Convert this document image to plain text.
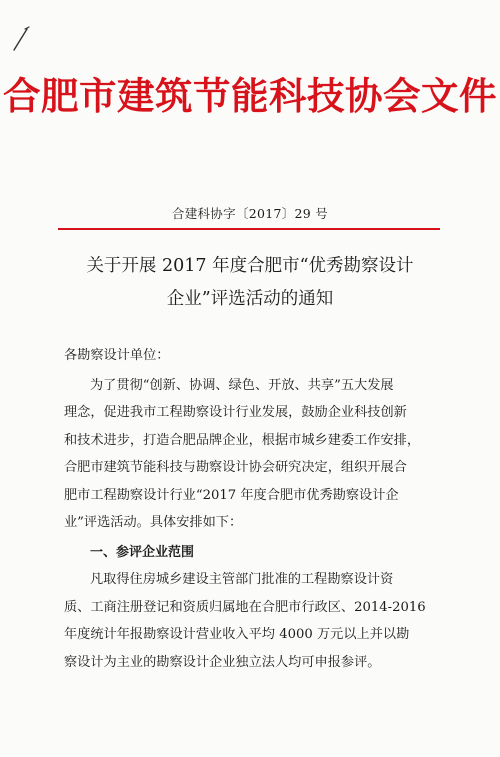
合肥市建筑节能科技协会文件
合建科协字〔2017〕29 号
关于开展 2017 年度合肥市“优秀勘察设计
企业”评选活动的通知
各勘察设计单位：
为了贯彻“创新、协调、绿色、开放、共享”五大发展
理念，促进我市工程勘察设计行业发展，鼓励企业科技创新
和技术进步，打造合肥品牌企业，根据市城乡建委工作安排，
合肥市建筑节能科技与勘察设计协会研究决定，组织开展合
肥市工程勘察设计行业“2017 年度合肥市优秀勘察设计企
业”评选活动。具体安排如下：
一、参评企业范围
凡取得住房城乡建设主管部门批准的工程勘察设计资
质、工商注册登记和资质归属地在合肥市行政区、2014-2016
年度统计年报勘察设计营业收入平均 4000 万元以上并以勘
察设计为主业的勘察设计企业独立法人均可申报参评。
